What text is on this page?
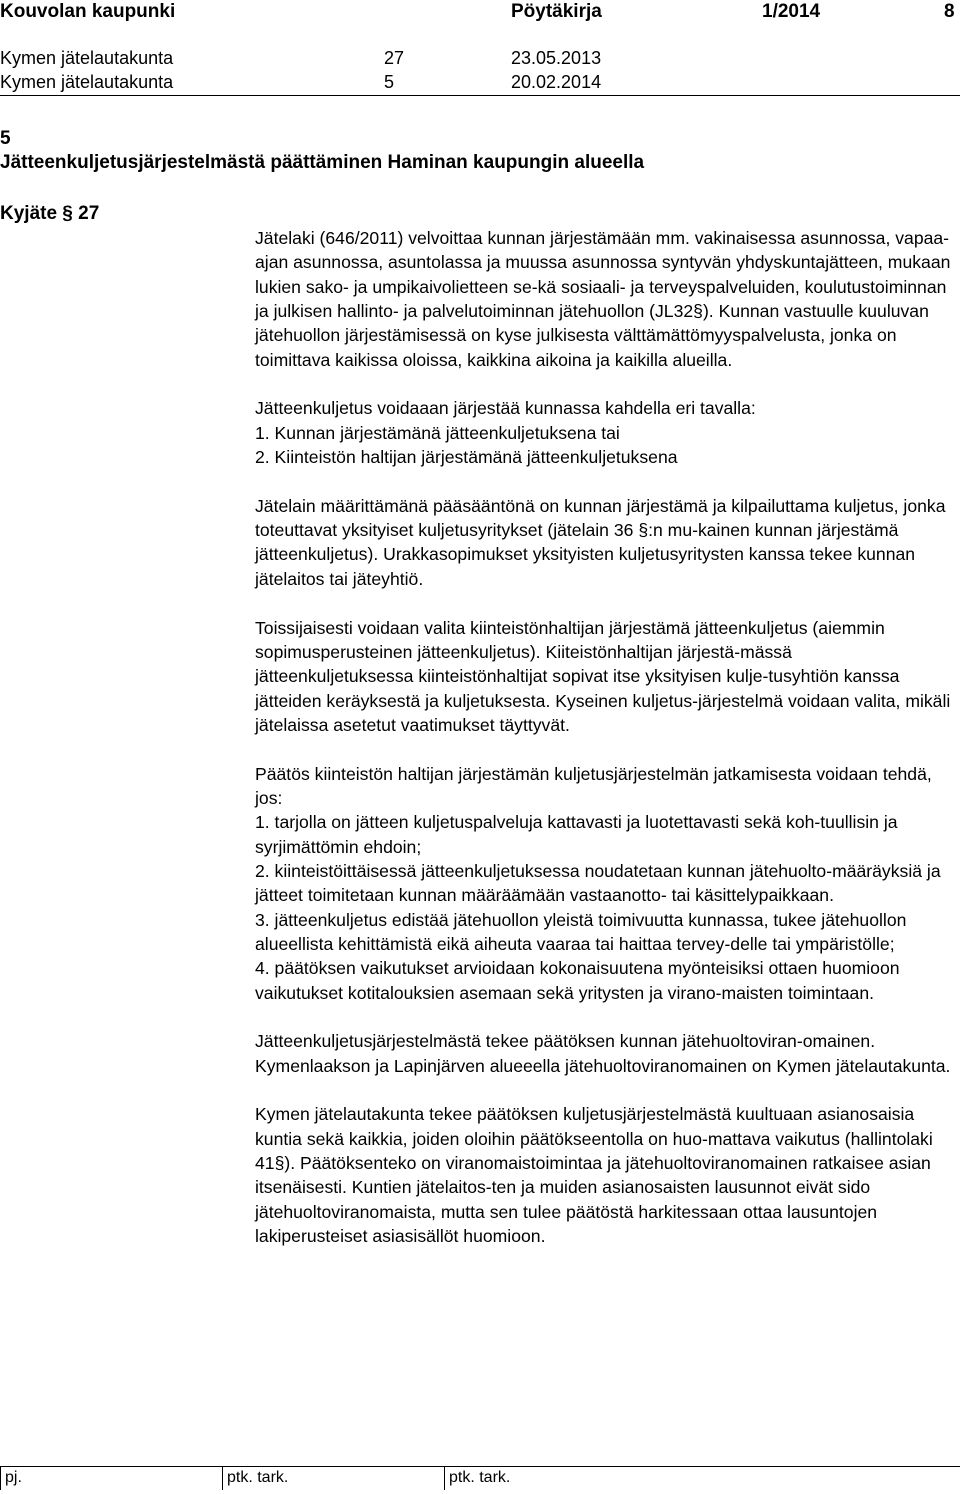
Kouvolan kaupunki	Pöytäkirja	1/2014	8
Kymen jätelautakunta	27	23.05.2013
Kymen jätelautakunta	5	20.02.2014
5
Jätteenkuljetusjärjestelmästä päättäminen Haminan kaupungin alueella
Kyjäte § 27

Jätelaki (646/2011) velvoittaa kunnan järjestämään mm. vakinaisessa asunnossa, vapaa-ajan asunnossa, asuntolassa ja muussa asunnossa syntyvän yhdyskuntajätteen, mukaan lukien sako- ja umpikaivolietteen se-kä sosiaali- ja terveyspalveluiden, koulutustoiminnan ja julkisen hallinto- ja palvelutoiminnan jätehuollon (JL32§). Kunnan vastuulle kuuluvan jätehuollon järjestämisessä on kyse julkisesta välttämättömyyspalvelusta, jonka on toimittava kaikissa oloissa, kaikkina aikoina ja kaikilla alueilla.

Jätteenkuljetus voidaaan järjestää kunnassa kahdella eri tavalla:

1. Kunnan järjestämänä jätteenkuljetuksena tai

2. Kiinteistön haltijan järjestämänä jätteenkuljetuksena

Jätelain määrittämänä pääsääntönä on kunnan järjestämä ja kilpailuttama kuljetus, jonka toteuttavat yksityiset kuljetusyritykset (jätelain 36 §:n mu-kainen kunnan järjestämä jätteenkuljetus). Urakkasopimukset yksityisten kuljetusyritysten kanssa tekee kunnan jätelaitos tai jäteyhtiö.

Toissijaisesti voidaan valita kiinteistönhaltijan järjestämä jätteenkuljetus (aiemmin sopimusperusteinen jätteenkuljetus). Kiiteistönhaltijan järjestä-mässä jätteenkuljetuksessa kiinteistönhaltijat sopivat itse yksityisen kulje-tusyhtiön kanssa jätteiden keräyksestä ja kuljetuksesta. Kyseinen kuljetus-järjestelmä voidaan valita, mikäli jätelaissa asetetut vaatimukset täyttyvät.

Päätös kiinteistön haltijan järjestämän kuljetusjärjestelmän jatkamisesta voidaan tehdä, jos:

1. tarjolla on jätteen kuljetuspalveluja kattavasti ja luotettavasti sekä koh-tuullisin ja syrjimättömin ehdoin;

2. kiinteistöittäisessä jätteenkuljetuksessa noudatetaan kunnan jätehuolto-määräyksiä ja jätteet toimitetaan kunnan määräämään vastaanotto- tai käsittelypaikkaan.

3. jätteenkuljetus edistää jätehuollon yleistä toimivuutta kunnassa, tukee jätehuollon alueellista kehittämistä eikä aiheuta vaaraa tai haittaa tervey-delle tai ympäristölle;

4. päätöksen vaikutukset arvioidaan kokonaisuutena myönteisiksi ottaen huomioon vaikutukset kotitalouksien asemaan sekä yritysten ja virano-maisten toimintaan.

Jätteenkuljetusjärjestelmästä tekee päätöksen kunnan jätehuoltoviran-omainen. Kymenlaakson ja Lapinjärven alueeella jätehuoltoviranomainen on Kymen jätelautakunta.

Kymen jätelautakunta tekee päätöksen kuljetusjärjestelmästä kuultuaan asianosaisia kuntia sekä kaikkia, joiden oloihin päätökseentolla on huo-mattava vaikutus (hallintolaki 41§). Päätöksenteko on viranomaistoimintaa ja jätehuoltoviranomainen ratkaisee asian itsenäisesti. Kuntien jätelaitos-ten ja muiden asianosaisten lausunnot eivät sido jätehuoltoviranomaista, mutta sen tulee päätöstä harkitessaan ottaa lausuntojen lakiperusteiset asiasisällöt huomioon.

pj.	ptk. tark.	ptk. tark.
